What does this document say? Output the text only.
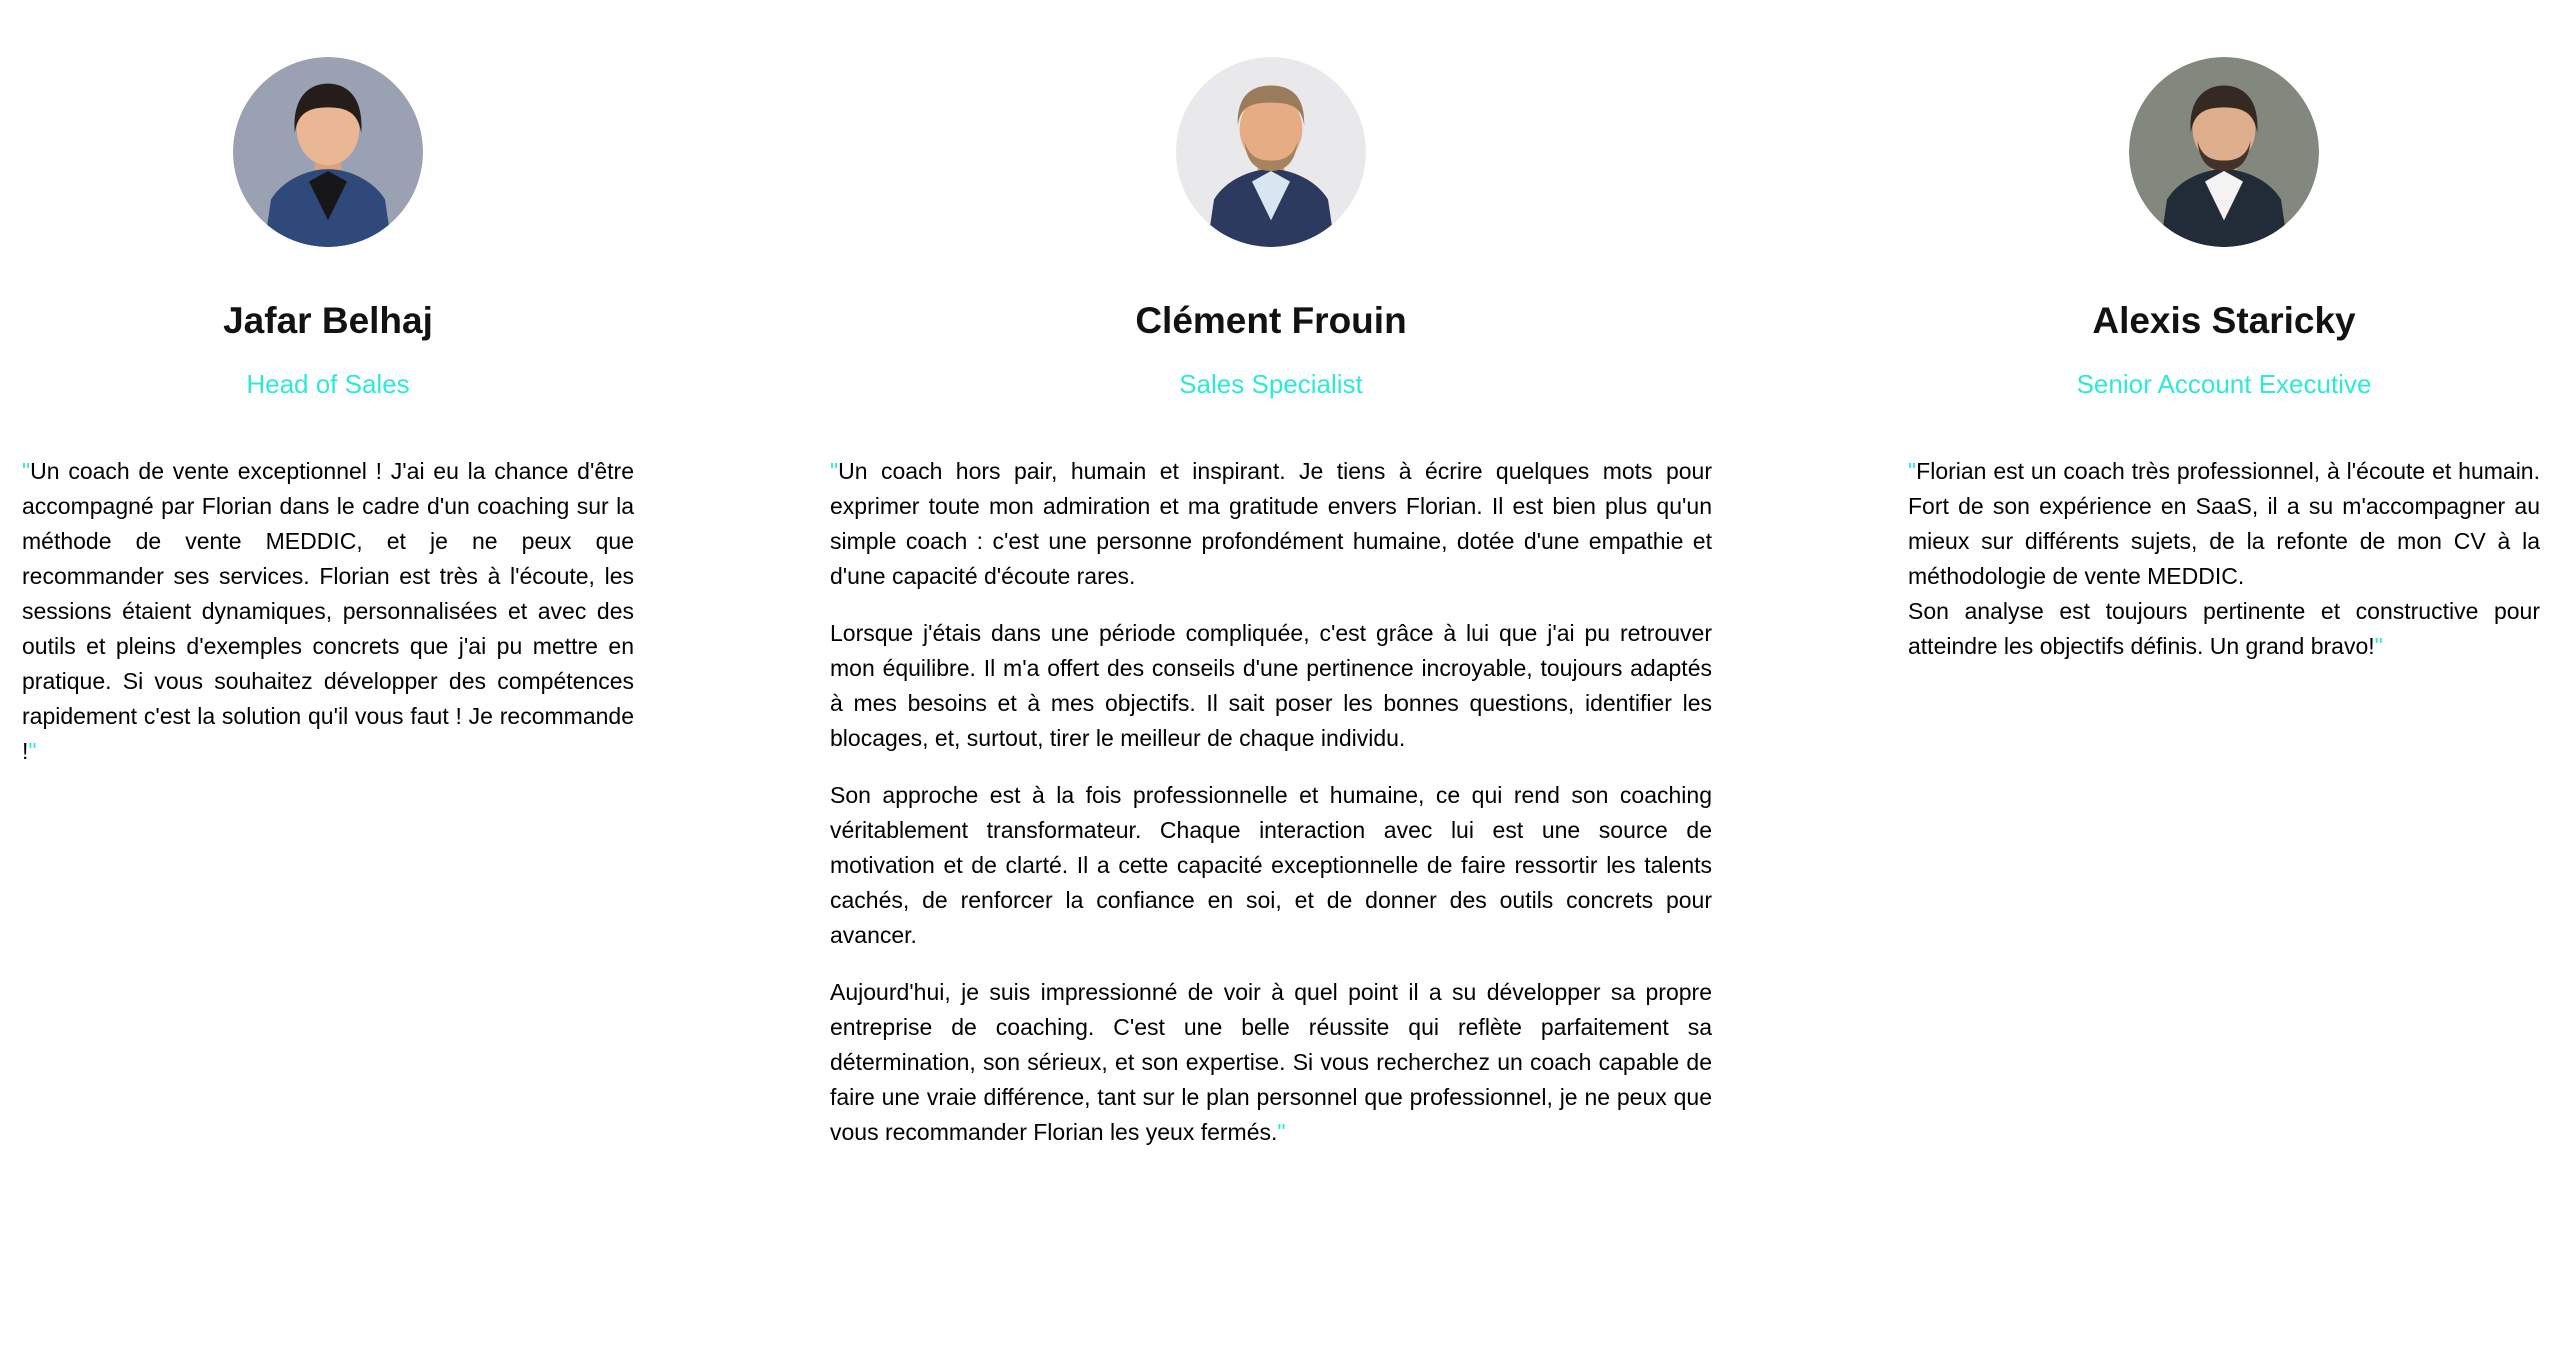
Jafar Belhaj
Head of Sales

"Un coach de vente exceptionnel ! J'ai eu la chance d'être accompagné par Florian dans le cadre d'un coaching sur la méthode de vente MEDDIC, et je ne peux que recommander ses services. Florian est très à l'écoute, les sessions étaient dynamiques, personnalisées et avec des outils et pleins d'exemples concrets que j'ai pu mettre en pratique. Si vous souhaitez développer des compétences rapidement c'est la solution qu'il vous faut ! Je recommande !"

Clément Frouin
Sales Specialist

"Un coach hors pair, humain et inspirant. Je tiens à écrire quelques mots pour exprimer toute mon admiration et ma gratitude envers Florian. Il est bien plus qu'un simple coach : c'est une personne profondément humaine, dotée d'une empathie et d'une capacité d'écoute rares.

Lorsque j'étais dans une période compliquée, c'est grâce à lui que j'ai pu retrouver mon équilibre. Il m'a offert des conseils d'une pertinence incroyable, toujours adaptés à mes besoins et à mes objectifs. Il sait poser les bonnes questions, identifier les blocages, et, surtout, tirer le meilleur de chaque individu.

Son approche est à la fois professionnelle et humaine, ce qui rend son coaching véritablement transformateur. Chaque interaction avec lui est une source de motivation et de clarté. Il a cette capacité exceptionnelle de faire ressortir les talents cachés, de renforcer la confiance en soi, et de donner des outils concrets pour avancer.

Aujourd'hui, je suis impressionné de voir à quel point il a su développer sa propre entreprise de coaching. C'est une belle réussite qui reflète parfaitement sa détermination, son sérieux, et son expertise. Si vous recherchez un coach capable de faire une vraie différence, tant sur le plan personnel que professionnel, je ne peux que vous recommander Florian les yeux fermés."

Alexis Staricky
Senior Account Executive

"Florian est un coach très professionnel, à l'écoute et humain. Fort de son expérience en SaaS, il a su m'accompagner au mieux sur différents sujets, de la refonte de mon CV à la méthodologie de vente MEDDIC.
Son analyse est toujours pertinente et constructive pour atteindre les objectifs définis. Un grand bravo!"
